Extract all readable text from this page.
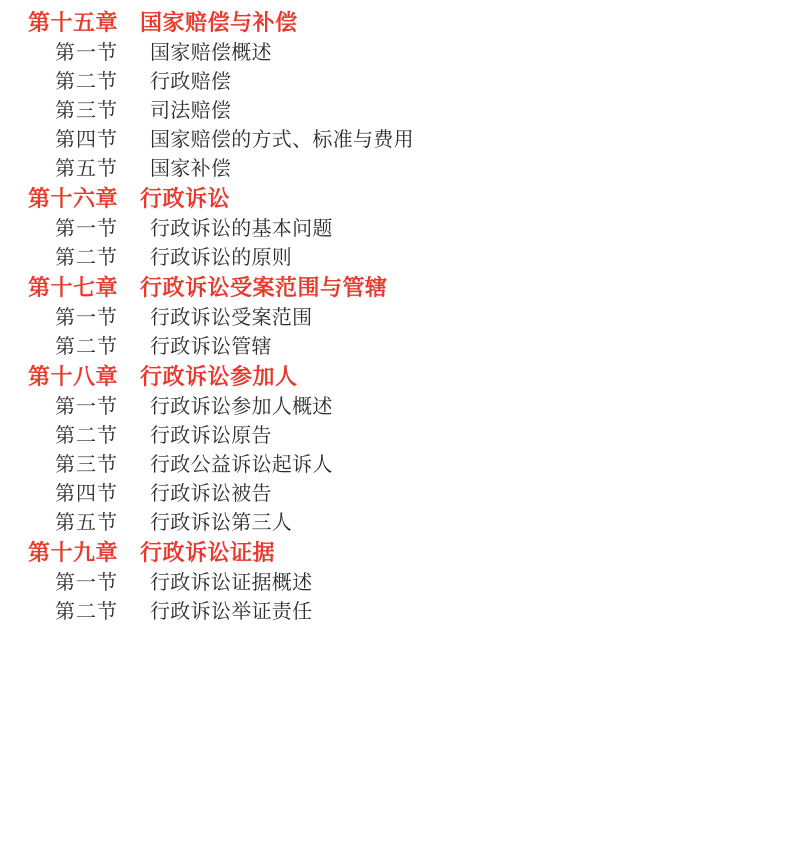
第十五章 国家赔偿与补偿
第一节	国家赔偿概述
第二节	行政赔偿
第三节	司法赔偿
第四节	国家赔偿的方式、标准与费用
第五节	国家补偿
第十六章 行政诉讼
第一节	行政诉讼的基本问题
第二节	行政诉讼的原则
第十七章 行政诉讼受案范围与管辖
第一节	行政诉讼受案范围
第二节	行政诉讼管辖
第十八章 行政诉讼参加人
第一节	行政诉讼参加人概述
第二节	行政诉讼原告
第三节	行政公益诉讼起诉人
第四节	行政诉讼被告
第五节	行政诉讼第三人
第十九章 行政诉讼证据
第一节	行政诉讼证据概述
第二节	行政诉讼举证责任
